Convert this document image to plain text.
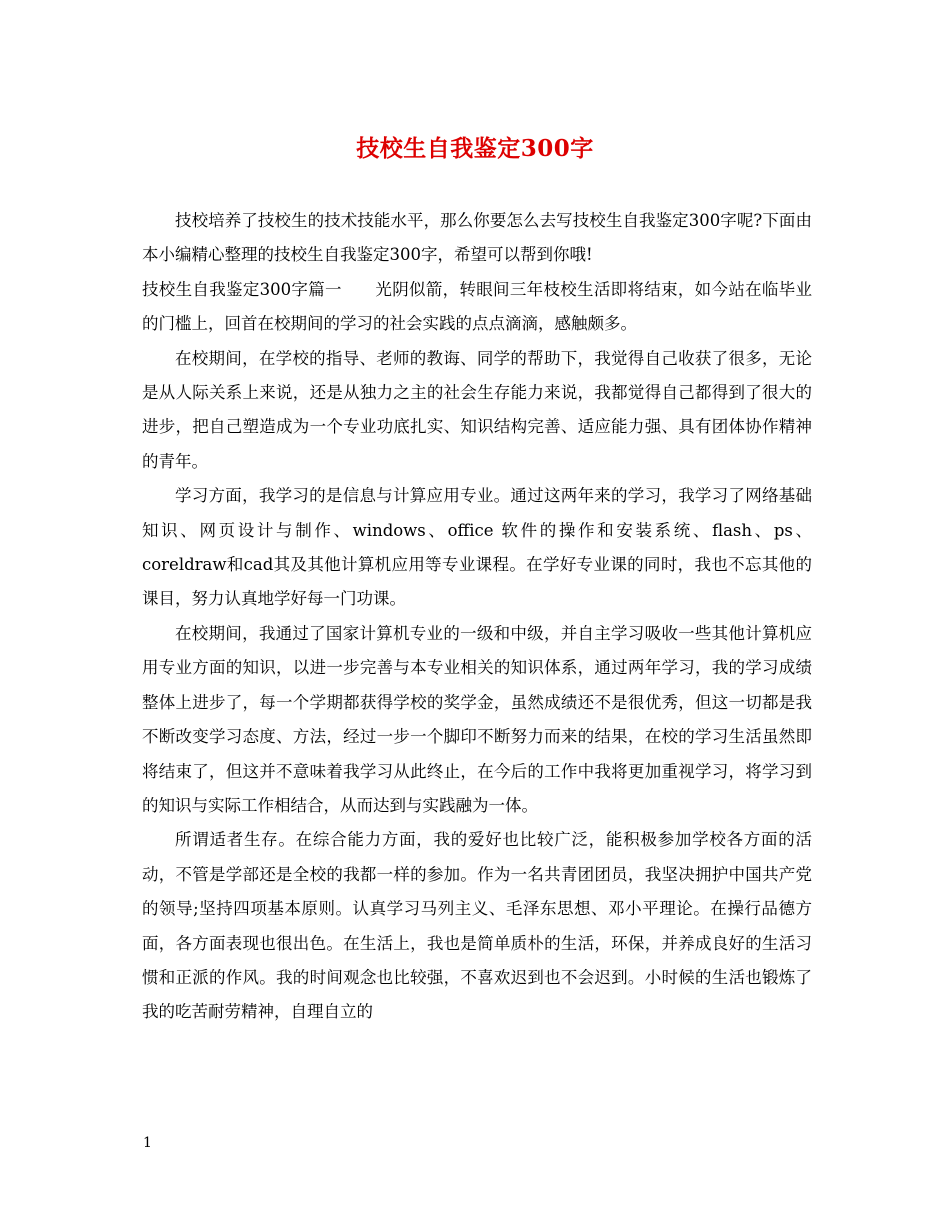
技校生自我鉴定300字

技校培养了技校生的技术技能水平，那么你要怎么去写技校生自我鉴定300字呢?下面由本小编精心整理的技校生自我鉴定300字，希望可以帮到你哦!

技校生自我鉴定300字篇一　　光阴似箭，转眼间三年枝校生活即将结束，如今站在临毕业的门槛上，回首在校期间的学习的社会实践的点点滴滴，感触颇多。

在校期间，在学校的指导、老师的教诲、同学的帮助下，我觉得自己收获了很多，无论是从人际关系上来说，还是从独力之主的社会生存能力来说，我都觉得自己都得到了很大的进步，把自己塑造成为一个专业功底扎实、知识结构完善、适应能力强、具有团体协作精神的青年。

学习方面，我学习的是信息与计算应用专业。通过这两年来的学习，我学习了网络基础知识、网页设计与制作、windows、office 软件的操作和安装系统、flash、ps、coreldraw和cad其及其他计算机应用等专业课程。在学好专业课的同时，我也不忘其他的课目，努力认真地学好每一门功课。

在校期间，我通过了国家计算机专业的一级和中级，并自主学习吸收一些其他计算机应用专业方面的知识，以进一步完善与本专业相关的知识体系，通过两年学习，我的学习成绩整体上进步了，每一个学期都获得学校的奖学金，虽然成绩还不是很优秀，但这一切都是我不断改变学习态度、方法，经过一步一个脚印不断努力而来的结果，在校的学习生活虽然即将结束了，但这并不意味着我学习从此终止，在今后的工作中我将更加重视学习，将学习到的知识与实际工作相结合，从而达到与实践融为一体。

所谓适者生存。在综合能力方面，我的爱好也比较广泛，能积极参加学校各方面的活动，不管是学部还是全校的我都一样的参加。作为一名共青团团员，我坚决拥护中国共产党的领导;坚持四项基本原则。认真学习马列主义、毛泽东思想、邓小平理论。在操行品德方面，各方面表现也很出色。在生活上，我也是简单质朴的生活，环保，并养成良好的生活习惯和正派的作风。我的时间观念也比较强，不喜欢迟到也不会迟到。小时候的生活也锻炼了我的吃苦耐劳精神，自理自立的

1
